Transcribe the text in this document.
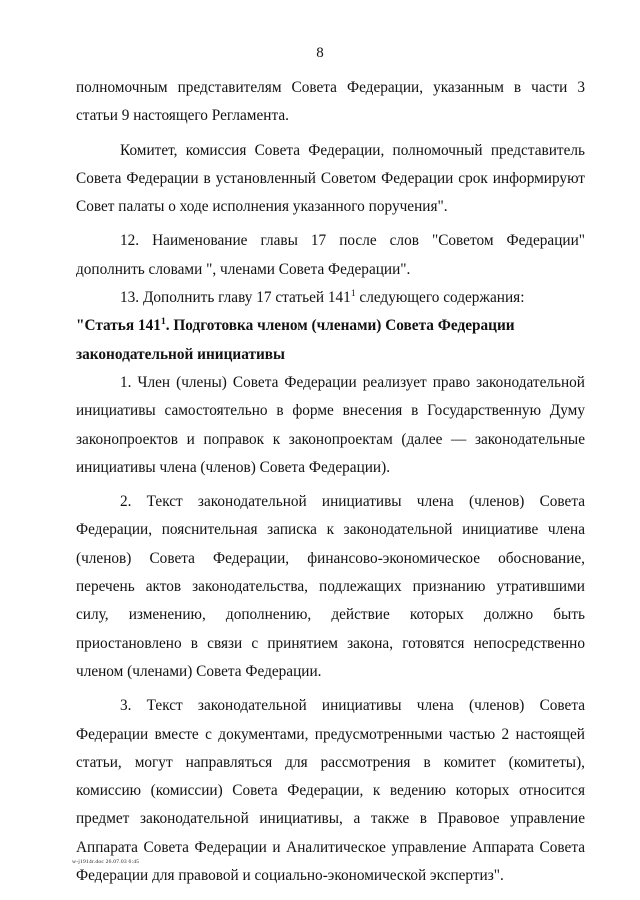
8

полномочным представителям Совета Федерации, указанным в части 3 статьи 9 настоящего Регламента.

Комитет, комиссия Совета Федерации, полномочный представитель Совета Федерации в установленный Советом Федерации срок информируют Совет палаты о ходе исполнения указанного поручения".

12. Наименование главы 17 после слов "Советом Федерации" дополнить словами ", членами Совета Федерации".

13. Дополнить главу 17 статьей $141^1$ следующего содержания:

"Статья $141^1$. Подготовка членом (членами) Совета Федерации

законодательной инициативы

1. Член (члены) Совета Федерации реализует право законодательной инициативы самостоятельно в форме внесения в Государственную Думу законопроектов и поправок к законопроектам (далее — законодательные инициативы члена (членов) Совета Федерации).

2. Текст законодательной инициативы члена (членов) Совета Федерации, пояснительная записка к законодательной инициативе члена (членов) Совета Федерации, финансово-экономическое обоснование, перечень актов законодательства, подлежащих признанию утратившими силу, изменению, дополнению, действие которых должно быть приостановлено в связи с принятием закона, готовятся непосредственно членом (членами) Совета Федерации.

3. Текст законодательной инициативы члена (членов) Совета Федерации вместе с документами, предусмотренными частью 2 настоящей статьи, могут направляться для рассмотрения в комитет (комитеты), комиссию (комиссии) Совета Федерации, к ведению которых относится предмет законодательной инициативы, а также в Правовое управление Аппарата Совета Федерации и Аналитическое управление Аппарата Совета Федерации для правовой и социально-экономической экспертиз".

w-j1914r.doc 26.07.03 6:45
